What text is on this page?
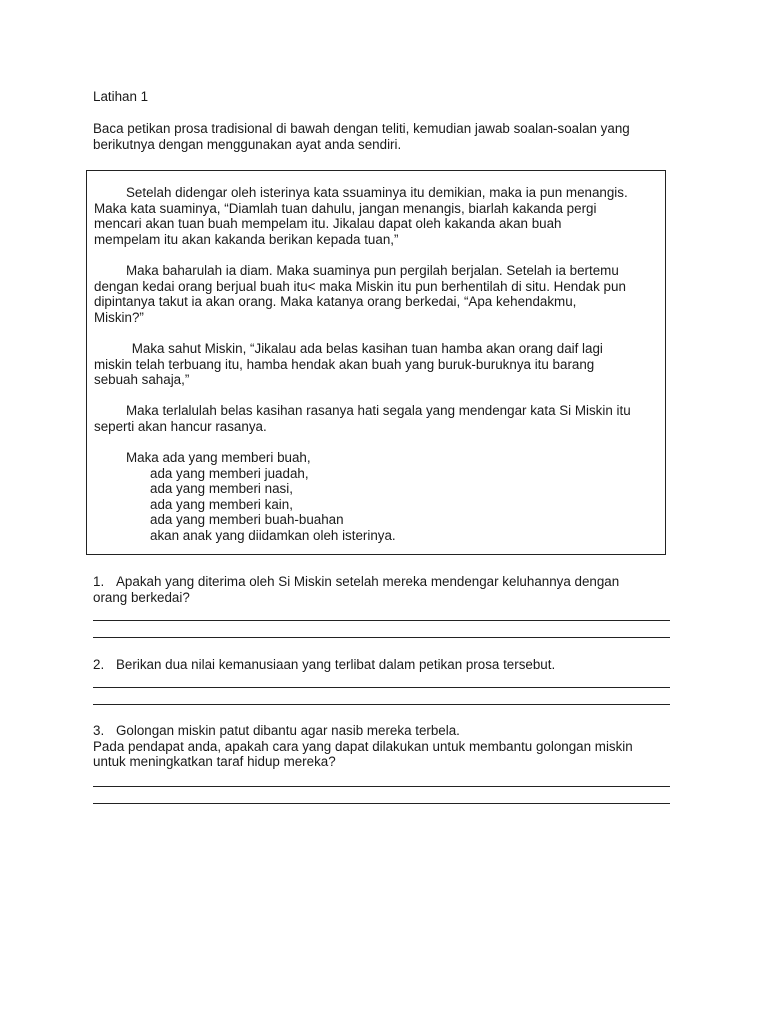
Latihan 1
Baca petikan prosa tradisional di bawah dengan teliti, kemudian jawab soalan-soalan yang
berikutnya dengan menggunakan ayat anda sendiri.
Setelah didengar oleh isterinya kata ssuaminya itu demikian, maka ia pun menangis.
Maka kata suaminya, “Diamlah tuan dahulu, jangan menangis, biarlah kakanda pergi
mencari akan tuan buah mempelam itu. Jikalau dapat oleh kakanda akan buah
mempelam itu akan kakanda berikan kepada tuan,”
Maka baharulah ia diam. Maka suaminya pun pergilah berjalan. Setelah ia bertemu
dengan kedai orang berjual buah itu< maka Miskin itu pun berhentilah di situ. Hendak pun
dipintanya takut ia akan orang. Maka katanya orang berkedai, “Apa kehendakmu,
Miskin?”
Maka sahut Miskin, “Jikalau ada belas kasihan tuan hamba akan orang daif lagi
miskin telah terbuang itu, hamba hendak akan buah yang buruk-buruknya itu barang
sebuah sahaja,”
Maka terlalulah belas kasihan rasanya hati segala yang mendengar kata Si Miskin itu
seperti akan hancur rasanya.
Maka ada yang memberi buah,
ada yang memberi juadah,
ada yang memberi nasi,
ada yang memberi kain,
ada yang memberi buah-buahan
akan anak yang diidamkan oleh isterinya.
1. Apakah yang diterima oleh Si Miskin setelah mereka mendengar keluhannya dengan
orang berkedai?
2. Berikan dua nilai kemanusiaan yang terlibat dalam petikan prosa tersebut.
3. Golongan miskin patut dibantu agar nasib mereka terbela.
Pada pendapat anda, apakah cara yang dapat dilakukan untuk membantu golongan miskin
untuk meningkatkan taraf hidup mereka?
